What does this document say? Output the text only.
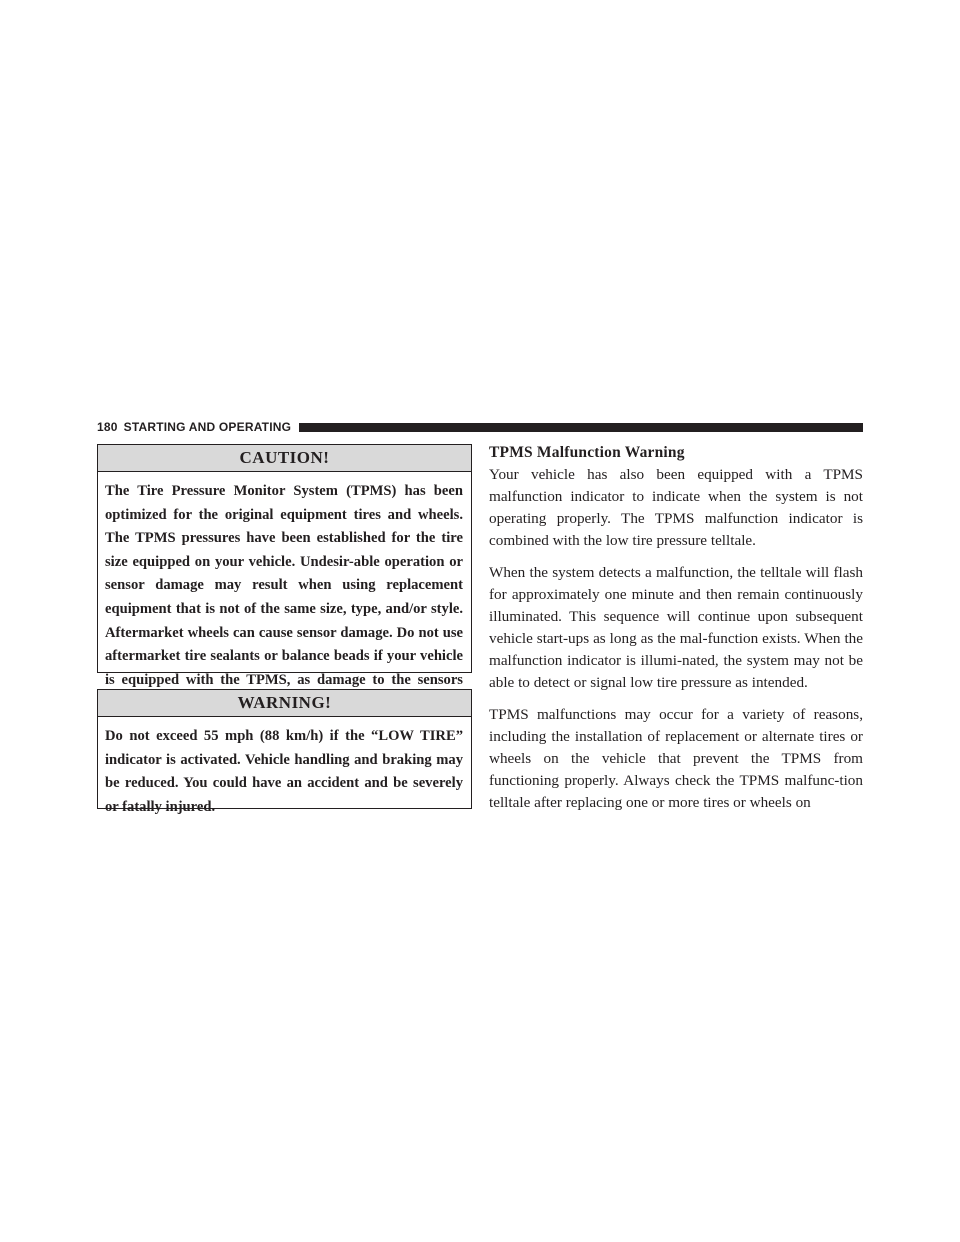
180 STARTING AND OPERATING
CAUTION!
The Tire Pressure Monitor System (TPMS) has been optimized for the original equipment tires and wheels. The TPMS pressures have been established for the tire size equipped on your vehicle. Undesir-able operation or sensor damage may result when using replacement equipment that is not of the same size, type, and/or style. Aftermarket wheels can cause sensor damage. Do not use aftermarket tire sealants or balance beads if your vehicle is equipped with the TPMS, as damage to the sensors
WARNING!
Do not exceed 55 mph (88 km/h) if the “LOW TIRE” indicator is activated. Vehicle handling and braking may be reduced. You could have an accident and be severely or fatally injured.
TPMS Malfunction Warning

Your vehicle has also been equipped with a TPMS malfunction indicator to indicate when the system is not operating properly. The TPMS malfunction indicator is combined with the low tire pressure telltale.

When the system detects a malfunction, the telltale will flash for approximately one minute and then remain continuously illuminated. This sequence will continue upon subsequent vehicle start-ups as long as the mal-function exists. When the malfunction indicator is illumi-nated, the system may not be able to detect or signal low tire pressure as intended.

TPMS malfunctions may occur for a variety of reasons, including the installation of replacement or alternate tires or wheels on the vehicle that prevent the TPMS from functioning properly. Always check the TPMS malfunc-tion telltale after replacing one or more tires or wheels on
